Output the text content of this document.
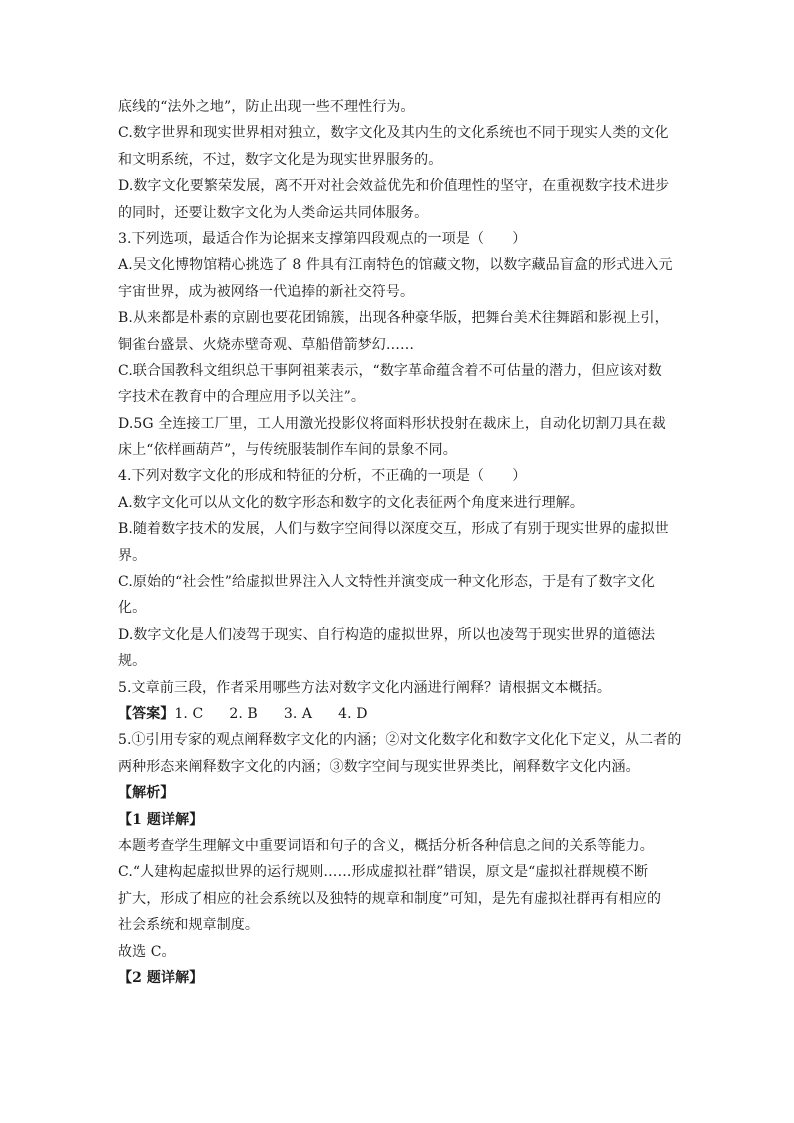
底线的“法外之地”，防止出现一些不理性行为。
C.数字世界和现实世界相对独立，数字文化及其内生的文化系统也不同于现实人类的文化
和文明系统，不过，数字文化是为现实世界服务的。
D.数字文化要繁荣发展，离不开对社会效益优先和价值理性的坚守，在重视数字技术进步
的同时，还要让数字文化为人类命运共同体服务。
3.下列选项，最适合作为论据来支撑第四段观点的一项是（　　）
A.吴文化博物馆精心挑选了 8 件具有江南特色的馆藏文物，以数字藏品盲盒的形式进入元
宇宙世界，成为被网络一代追捧的新社交符号。
B.从来都是朴素的京剧也要花团锦簇，出现各种豪华版，把舞台美术往舞蹈和影视上引，
铜雀台盛景、火烧赤壁奇观、草船借箭梦幻……
C.联合国教科文组织总干事阿祖莱表示，“数字革命蕴含着不可估量的潜力，但应该对数
字技术在教育中的合理应用予以关注”。
D.5G 全连接工厂里，工人用激光投影仪将面料形状投射在裁床上，自动化切割刀具在裁
床上“依样画葫芦”，与传统服装制作车间的景象不同。
4.下列对数字文化的形成和特征的分析，不正确的一项是（　　）
A.数字文化可以从文化的数字形态和数字的文化表征两个角度来进行理解。
B.随着数字技术的发展，人们与数字空间得以深度交互，形成了有别于现实世界的虚拟世
界。
C.原始的“社会性”给虚拟世界注入人文特性并演变成一种文化形态，于是有了数字文化
化。
D.数字文化是人们凌驾于现实、自行构造的虚拟世界，所以也凌驾于现实世界的道德法
规。
5.文章前三段，作者采用哪些方法对数字文化内涵进行阐释？请根据文本概括。
【答案】1. C 2. B 3. A 4. D
5.①引用专家的观点阐释数字文化的内涵；②对文化数字化和数字文化化下定义，从二者的
两种形态来阐释数字文化的内涵；③数字空间与现实世界类比，阐释数字文化内涵。
【解析】
【1 题详解】
本题考查学生理解文中重要词语和句子的含义，概括分析各种信息之间的关系等能力。
C.“人建构起虚拟世界的运行规则……形成虚拟社群”错误，原文是“虚拟社群规模不断
扩大，形成了相应的社会系统以及独特的规章和制度”可知，是先有虚拟社群再有相应的
社会系统和规章制度。
故选 C。
【2 题详解】
